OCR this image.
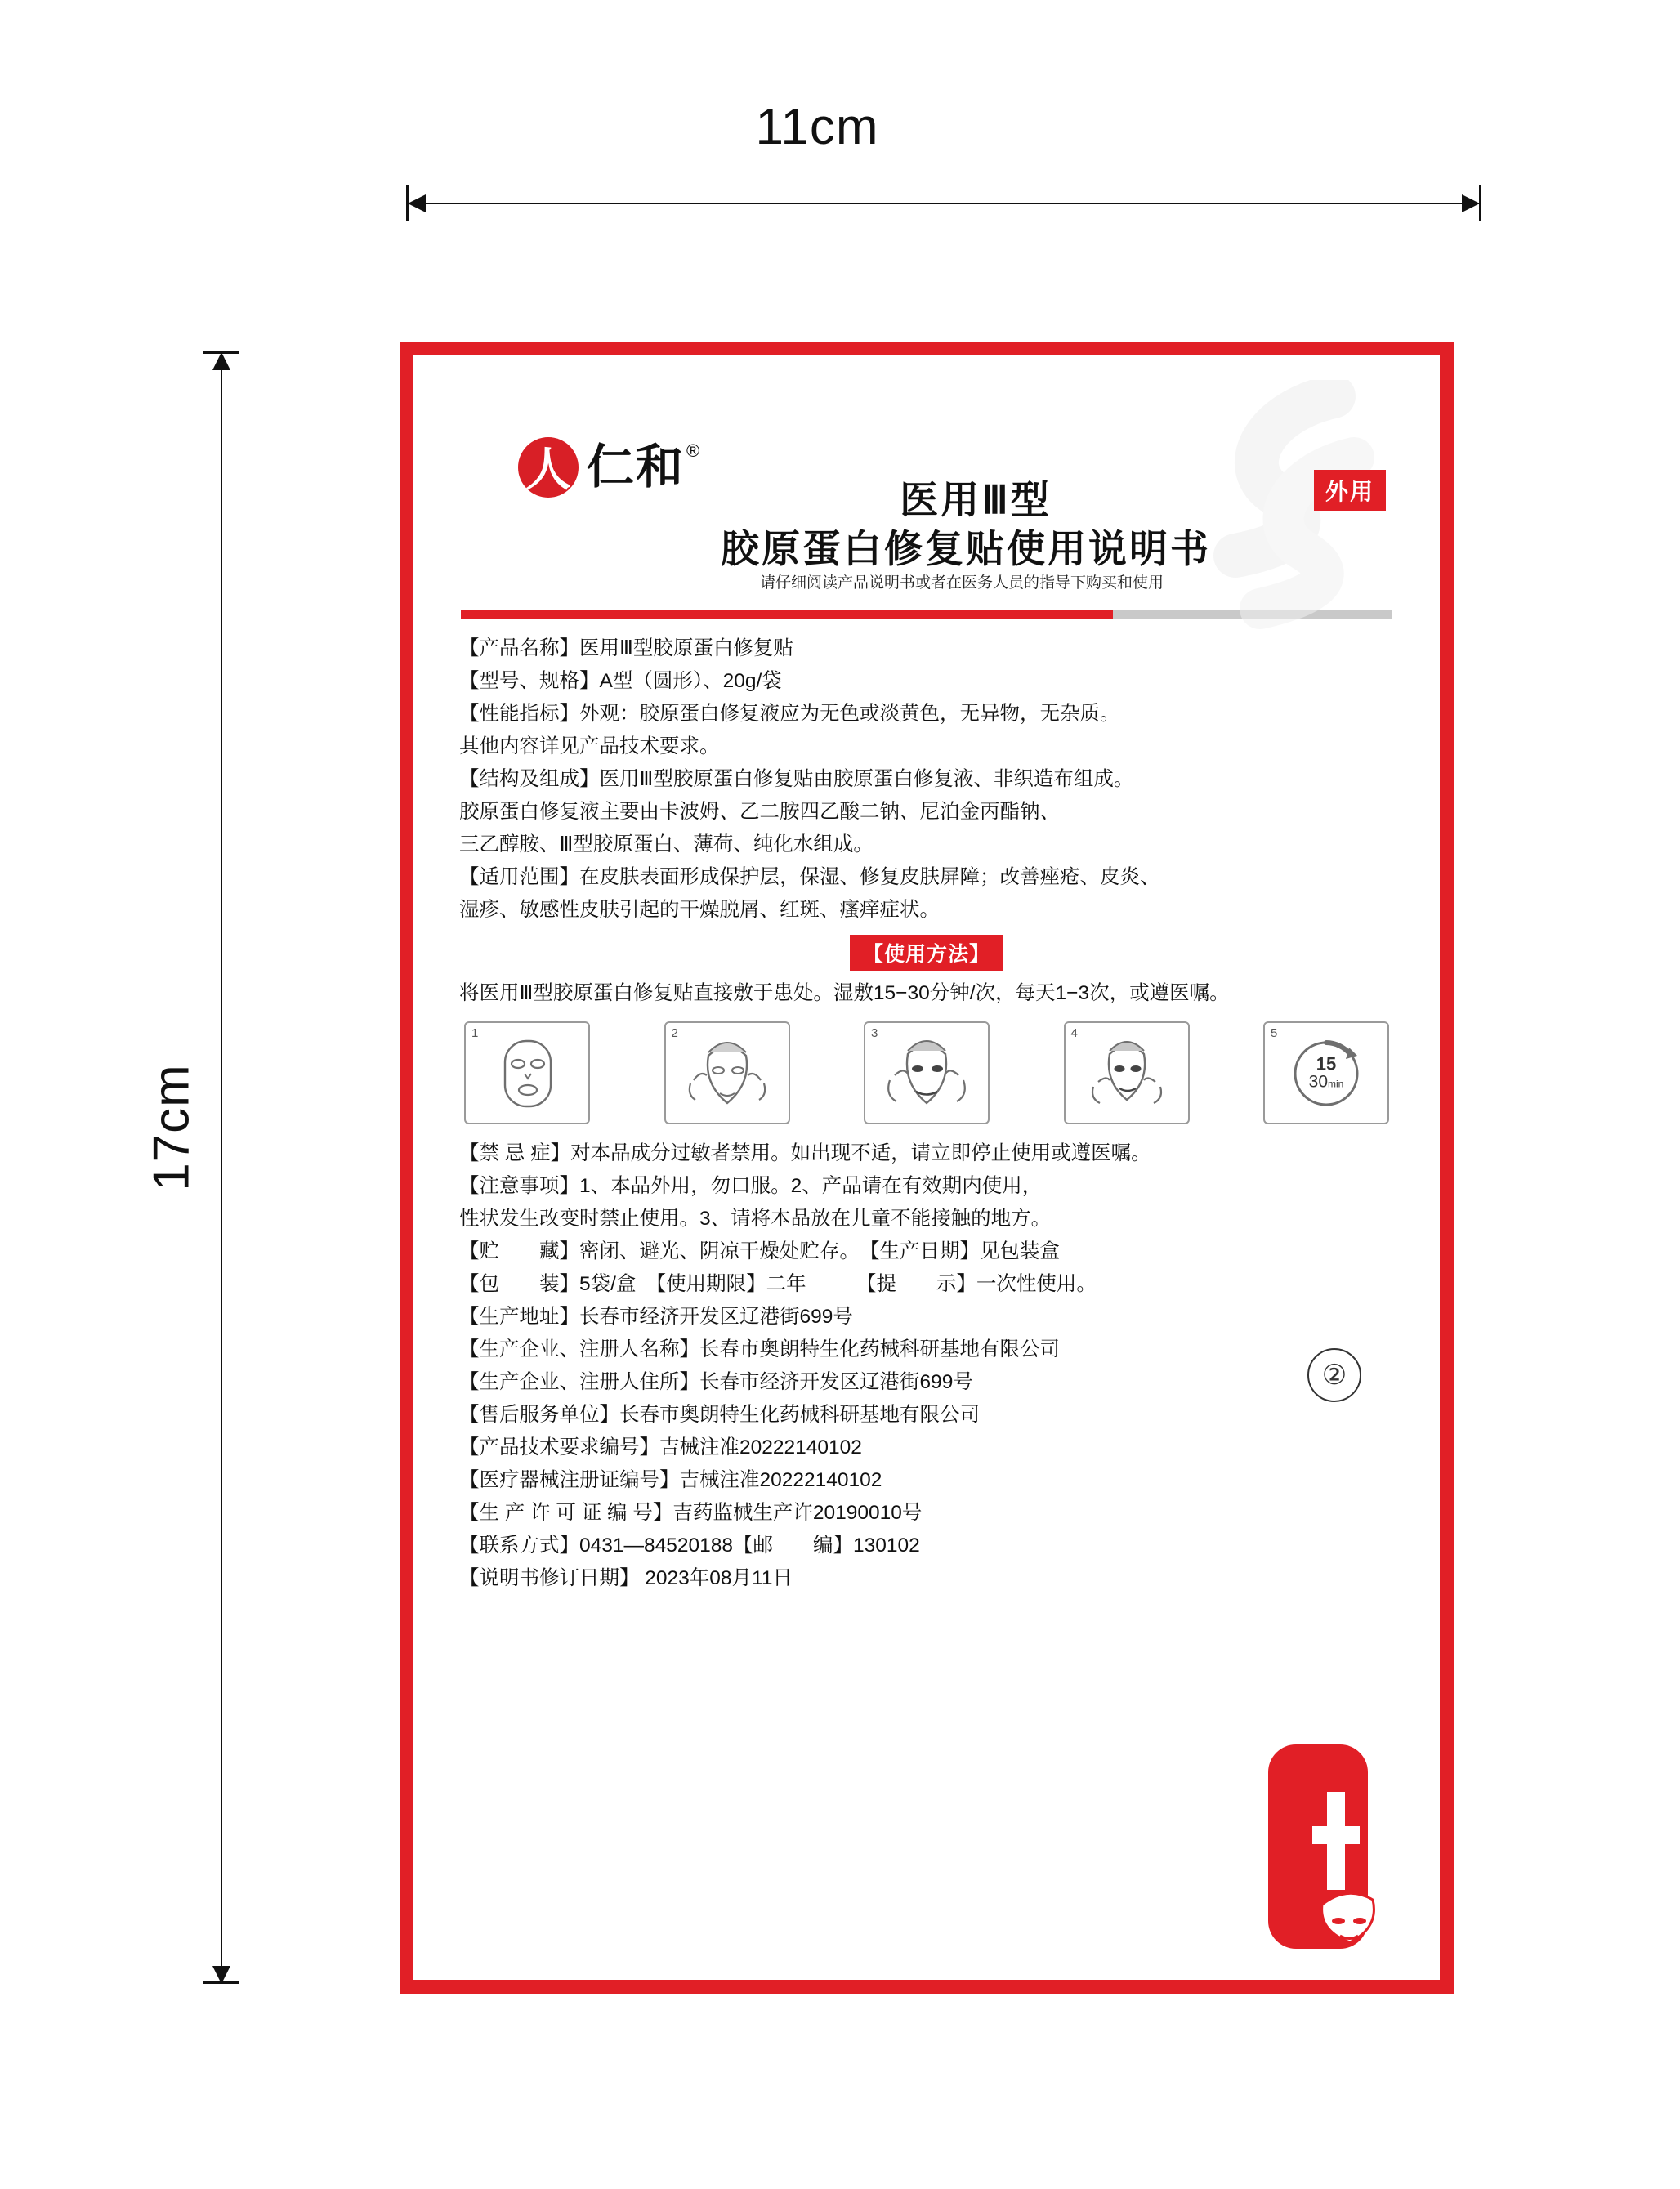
11cm
17cm
人
仁和 ®
外用
医用Ⅲ型
胶原蛋白修复贴使用说明书
请仔细阅读产品说明书或者在医务人员的指导下购买和使用
【产品名称】医用Ⅲ型胶原蛋白修复贴
【型号、规格】A型（圆形）、20g/袋
【性能指标】外观：胶原蛋白修复液应为无色或淡黄色，无异物，无杂质。
其他内容详见产品技术要求。
【结构及组成】医用Ⅲ型胶原蛋白修复贴由胶原蛋白修复液、非织造布组成。
胶原蛋白修复液主要由卡波姆、乙二胺四乙酸二钠、尼泊金丙酯钠、
三乙醇胺、Ⅲ型胶原蛋白、薄荷、纯化水组成。
【适用范围】在皮肤表面形成保护层，保湿、修复皮肤屏障；改善痤疮、皮炎、
湿疹、敏感性皮肤引起的干燥脱屑、红斑、瘙痒症状。
【使用方法】
将医用Ⅲ型胶原蛋白修复贴直接敷于患处。湿敷15−30分钟/次，每天1−3次，或遵医嘱。
1	2	3	4	5
15
30min
【禁 忌 症】对本品成分过敏者禁用。如出现不适，请立即停止使用或遵医嘱。
【注意事项】1、本品外用，勿口服。2、产品请在有效期内使用，
性状发生改变时禁止使用。3、请将本品放在儿童不能接触的地方。
【贮　　藏】密闭、避光、阴凉干燥处贮存。　【生产日期】见包装盒
【包　　装】5袋/盒　【使用期限】二年　　　【提　　示】一次性使用。
【生产地址】长春市经济开发区辽港街699号
【生产企业、注册人名称】长春市奥朗特生化药械科研基地有限公司
【生产企业、注册人住所】长春市经济开发区辽港街699号
【售后服务单位】长春市奥朗特生化药械科研基地有限公司
【产品技术要求编号】吉械注准20222140102
【医疗器械注册证编号】吉械注准20222140102
【生 产 许 可 证 编 号】吉药监械生产许20190010号
【联系方式】0431—84520188【邮　　编】130102
【说明书修订日期】 2023年08月11日
②
OLLAGEN
